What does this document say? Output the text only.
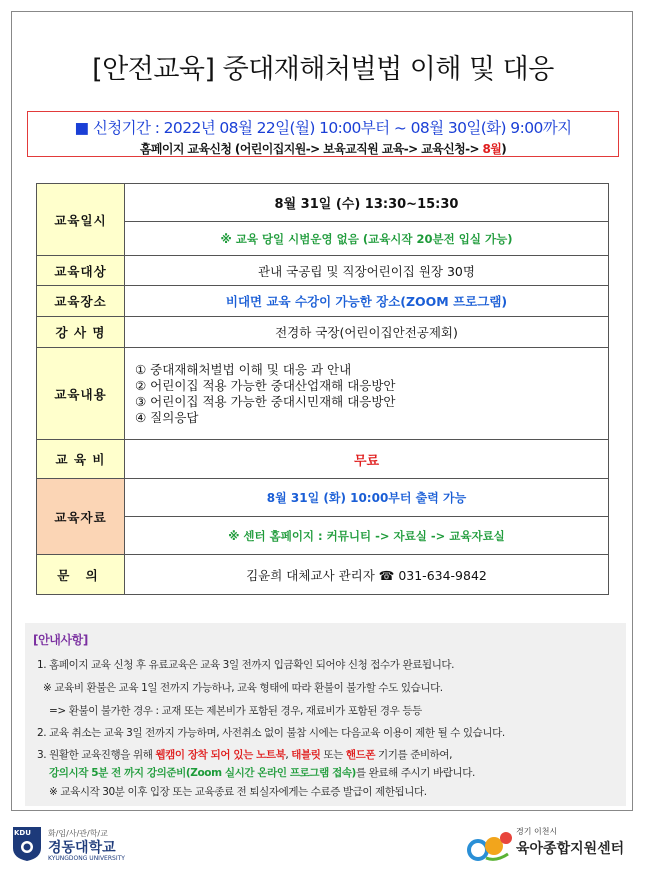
[안전교육] 중대재해처벌법 이해 및 대응
■ 신청기간 : 2022년 08월 22일(월) 10:00부터 ~ 08월 30일(화) 9:00까지
홈페이지 교육신청 (어린이집지원-> 보육교직원 교육-> 교육신청-> 8월)
교육일시	8월 31일 (수) 13:30~15:30
	※ 교육 당일 시범운영 없음 (교육시작 20분전 입실 가능)
교육대상	관내 국공립 및 직장어린이집 원장 30명
교육장소	비대면 교육 수강이 가능한 장소(ZOOM 프로그램)
강 사 명	전경하 국장(어린이집안전공제회)
교육내용	① 중대재해처벌법 이해 및 대응 과 안내
② 어린이집 적용 가능한 중대산업재해 대응방안
③ 어린이집 적용 가능한 중대시민재해 대응방안
④ 질의응답

교 육 비	무료
교육자료	8월 31일 (화) 10:00부터 출력 가능
	※ 센터 홈페이지 : 커뮤니티 -> 자료실 -> 교육자료실
문 의	김윤희 대체교사 관리자 ☎ 031-634-9842
[안내사항]
1. 홈페이지 교육 신청 후 유료교육은 교육 3일 전까지 입금확인 되어야 신청 접수가 완료됩니다.
※ 교육비 환불은 교육 1일 전까지 가능하나, 교육 형태에 따라 환불이 불가할 수도 있습니다.
=> 환불이 불가한 경우 : 교재 또는 제본비가 포함된 경우, 재료비가 포함된 경우 등등
2. 교육 취소는 교육 3일 전까지 가능하며, 사전취소 없이 불참 시에는 다음교육 이용이 제한 될 수 있습니다.
3. 원활한 교육진행을 위해 웹캠이 장착 되어 있는 노트북, 태블릿 또는 핸드폰 기기를 준비하여,
강의시작 5분 전 까지 강의준비(Zoom 실시간 온라인 프로그램 접속)를 완료해 주시기 바랍니다.
※ 교육시작 30분 이후 입장 또는 교육종료 전 퇴실자에게는 수료증 발급이 제한됩니다.
KDU 화/임/사/관/학/교
경동대학교
KYUNGDONG UNIVERSITY
경기 이천시
육아종합지원센터
